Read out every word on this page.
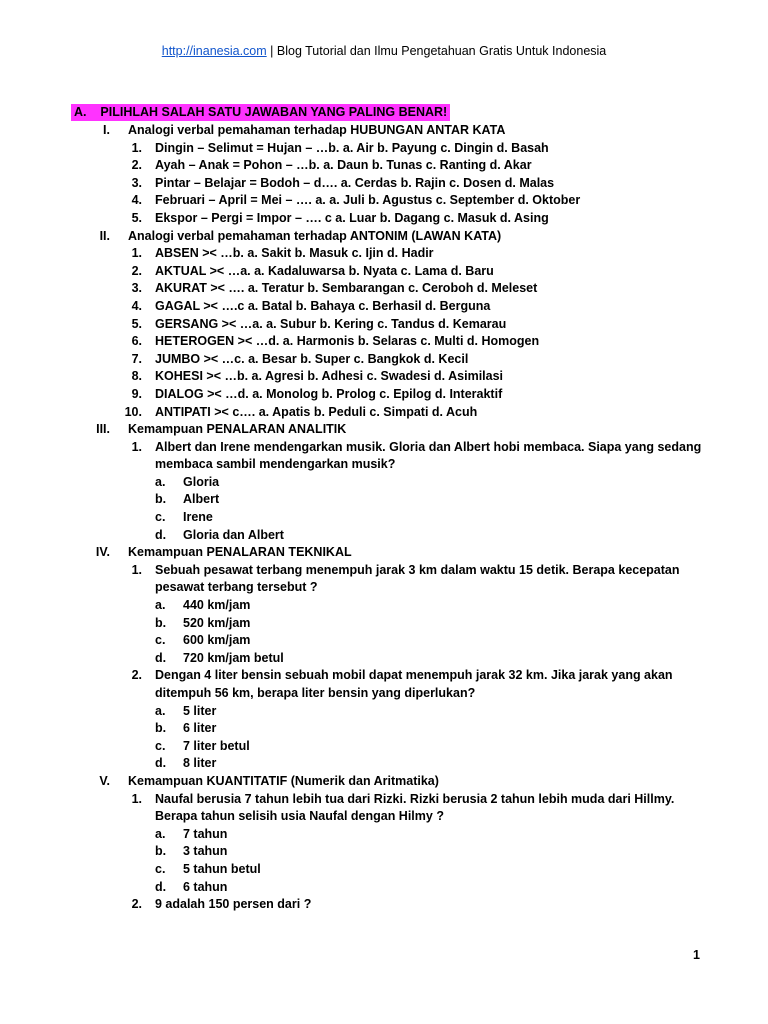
http://inanesia.com | Blog Tutorial dan Ilmu Pengetahuan Gratis Untuk Indonesia
A. PILIHLAH SALAH SATU JAWABAN YANG PALING BENAR!
I. Analogi verbal pemahaman terhadap HUBUNGAN ANTAR KATA
1. Dingin – Selimut = Hujan – …b. a. Air b. Payung c. Dingin d. Basah
2. Ayah – Anak = Pohon – …b. a. Daun b. Tunas c. Ranting d. Akar
3. Pintar – Belajar = Bodoh – d…. a. Cerdas b. Rajin c. Dosen d. Malas
4. Februari – April = Mei – …. a. a. Juli b. Agustus c. September d. Oktober
5. Ekspor – Pergi = Impor – …. c a. Luar b. Dagang c. Masuk d. Asing
II. Analogi verbal pemahaman terhadap ANTONIM (LAWAN KATA)
1. ABSEN >< …b. a. Sakit b. Masuk c. Ijin d. Hadir
2. AKTUAL >< …a. a. Kadaluwarsa b. Nyata c. Lama d. Baru
3. AKURAT >< …. a. Teratur b. Sembarangan c. Ceroboh d. Meleset
4. GAGAL >< ….c a. Batal b. Bahaya c. Berhasil d. Berguna
5. GERSANG >< …a. a. Subur b. Kering c. Tandus d. Kemarau
6. HETEROGEN >< …d. a. Harmonis b. Selaras c. Multi d. Homogen
7. JUMBO >< …c. a. Besar b. Super c. Bangkok d. Kecil
8. KOHESI >< …b. a. Agresi b. Adhesi c. Swadesi d. Asimilasi
9. DIALOG >< …d. a. Monolog b. Prolog c. Epilog d. Interaktif
10. ANTIPATI >< c…. a. Apatis b. Peduli c. Simpati d. Acuh
III. Kemampuan PENALARAN ANALITIK
1. Albert dan Irene mendengarkan musik. Gloria dan Albert hobi membaca. Siapa yang sedang
membaca sambil mendengarkan musik?
a. Gloria
b. Albert
c. Irene
d. Gloria dan Albert
IV. Kemampuan PENALARAN TEKNIKAL
1. Sebuah pesawat terbang menempuh jarak 3 km dalam waktu 15 detik. Berapa kecepatan
pesawat terbang tersebut ?
a. 440 km/jam
b. 520 km/jam
c. 600 km/jam
d. 720 km/jam betul
2. Dengan 4 liter bensin sebuah mobil dapat menempuh jarak 32 km. Jika jarak yang akan
ditempuh 56 km, berapa liter bensin yang diperlukan?
a. 5 liter
b. 6 liter
c. 7 liter betul
d. 8 liter
V. Kemampuan KUANTITATIF (Numerik dan Aritmatika)
1. Naufal berusia 7 tahun lebih tua dari Rizki. Rizki berusia 2 tahun lebih muda dari Hillmy.
Berapa tahun selisih usia Naufal dengan Hilmy ?
a. 7 tahun
b. 3 tahun
c. 5 tahun betul
d. 6 tahun
2. 9 adalah 150 persen dari ?
1
